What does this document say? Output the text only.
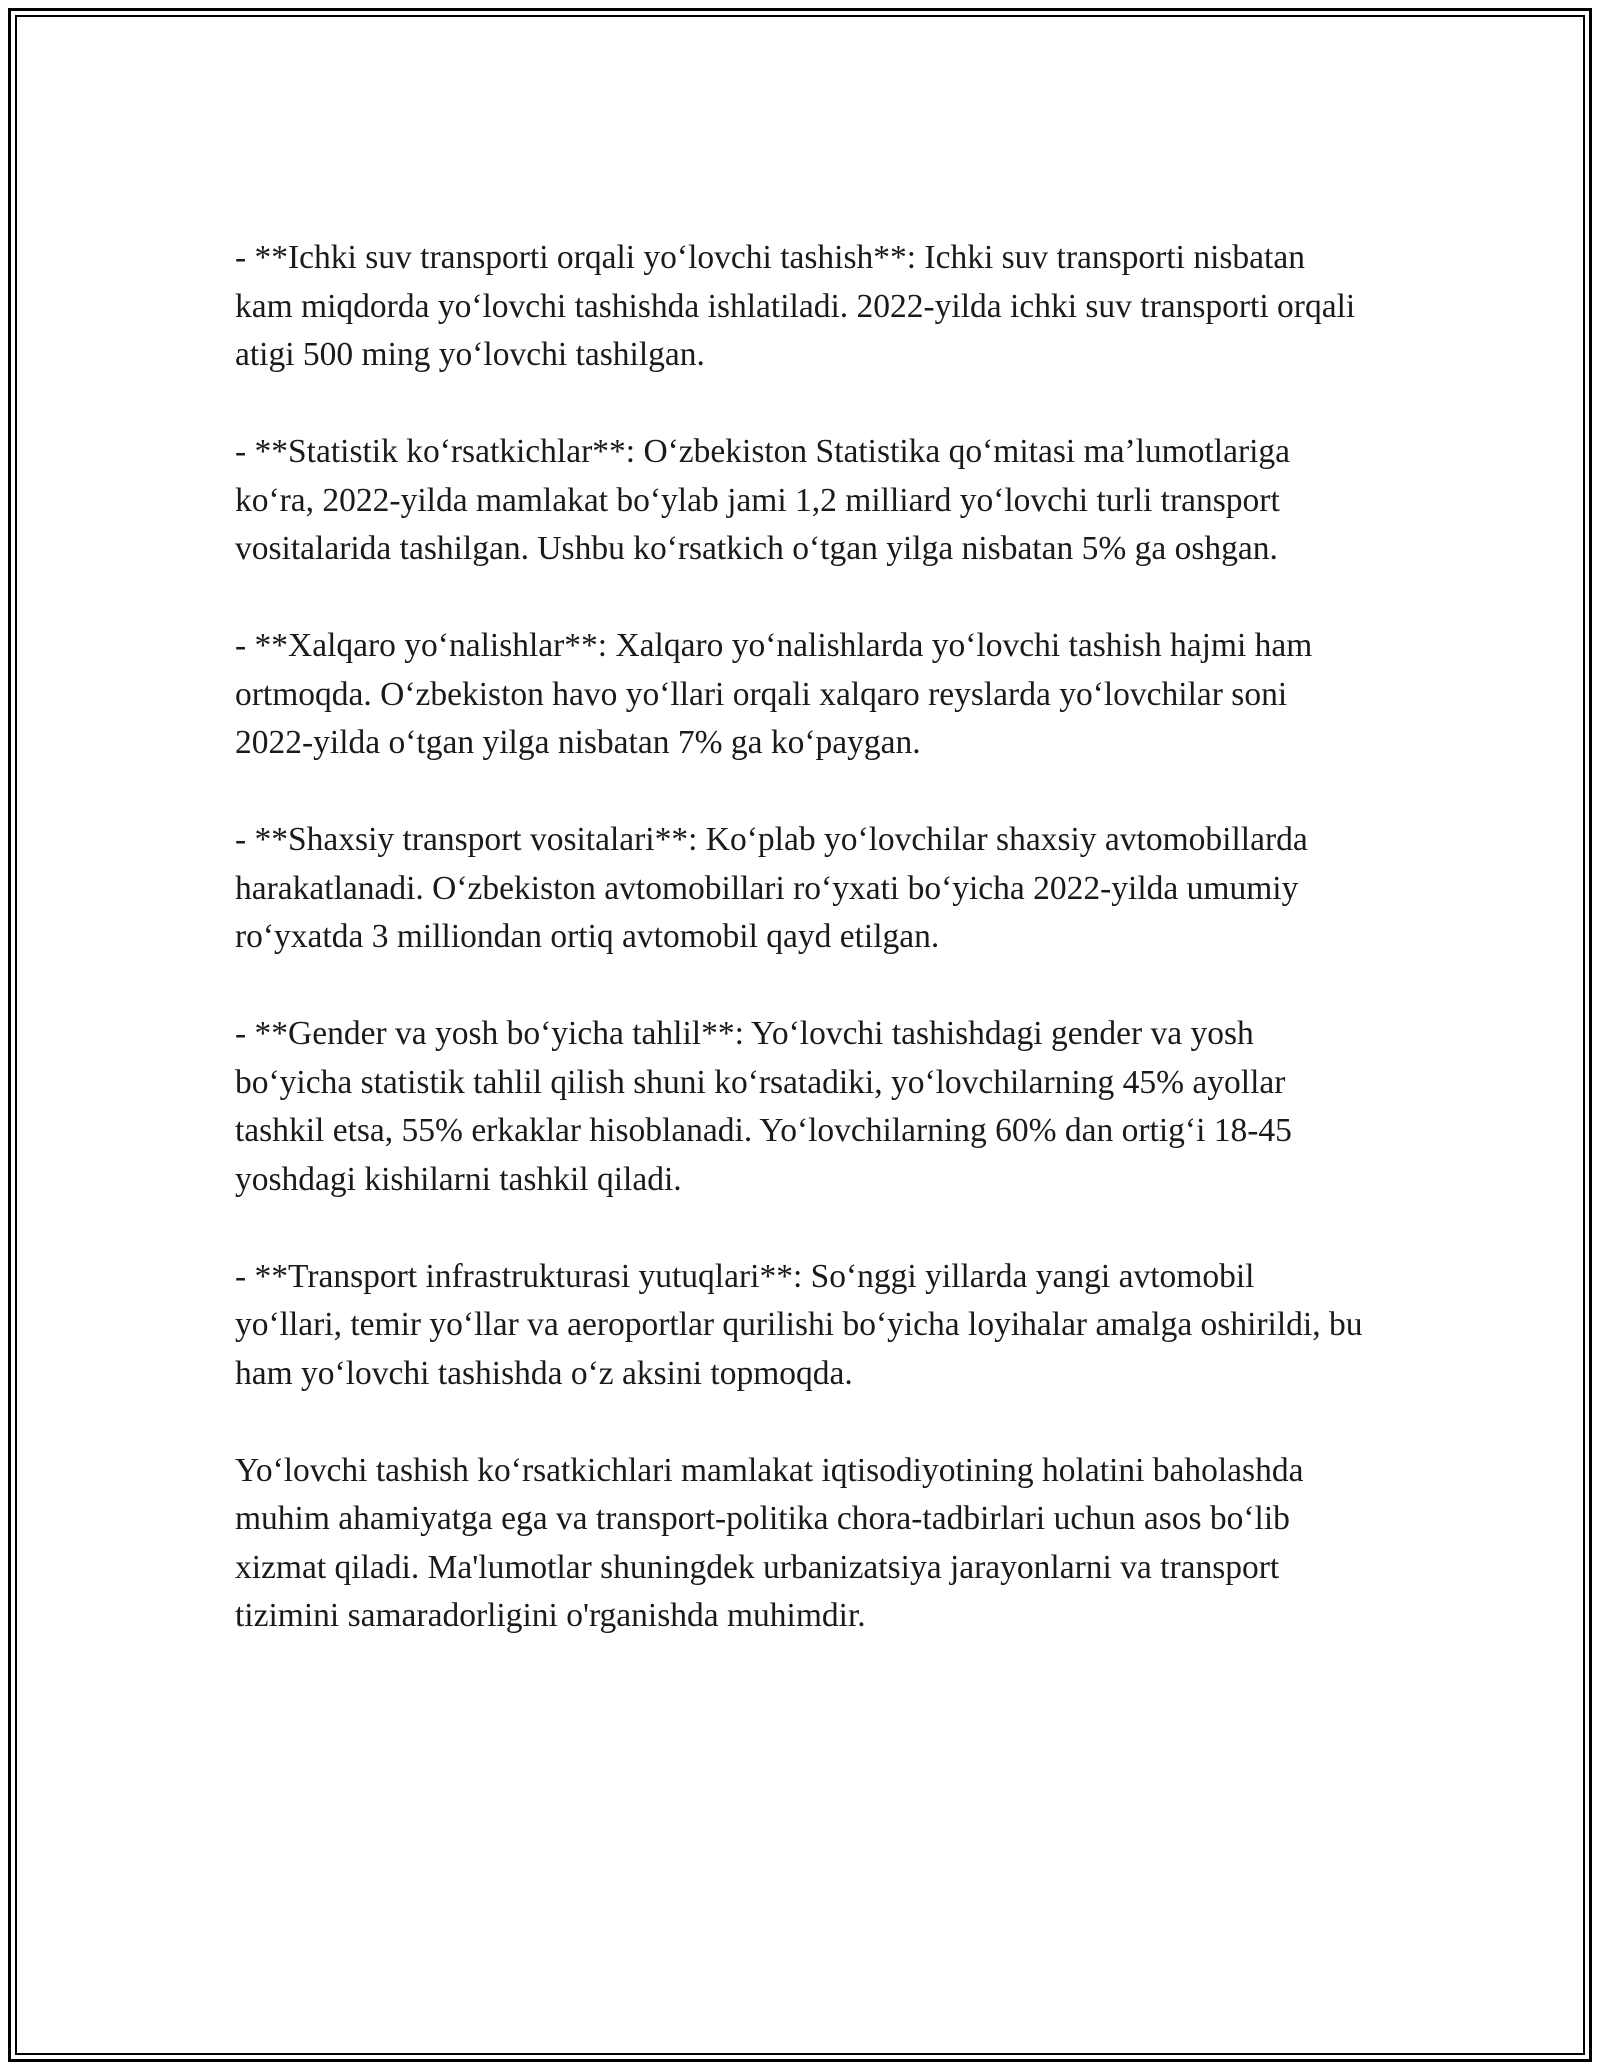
- **Ichki suv transporti orqali yo‘lovchi tashish**: Ichki suv transporti nisbatan kam miqdorda yo‘lovchi tashishda ishlatiladi. 2022-yilda ichki suv transporti orqali atigi 500 ming yo‘lovchi tashilgan.

- **Statistik ko‘rsatkichlar**: O‘zbekiston Statistika qo‘mitasi ma’lumotlariga ko‘ra, 2022-yilda mamlakat bo‘ylab jami 1,2 milliard yo‘lovchi turli transport vositalarida tashilgan. Ushbu ko‘rsatkich o‘tgan yilga nisbatan 5% ga oshgan.

- **Xalqaro yo‘nalishlar**: Xalqaro yo‘nalishlarda yo‘lovchi tashish hajmi ham ortmoqda. O‘zbekiston havo yo‘llari orqali xalqaro reyslarda yo‘lovchilar soni 2022-yilda o‘tgan yilga nisbatan 7% ga ko‘paygan.

- **Shaxsiy transport vositalari**: Ko‘plab yo‘lovchilar shaxsiy avtomobillarda harakatlanadi. O‘zbekiston avtomobillari ro‘yxati bo‘yicha 2022-yilda umumiy ro‘yxatda 3 milliondan ortiq avtomobil qayd etilgan.

- **Gender va yosh bo‘yicha tahlil**: Yo‘lovchi tashishdagi gender va yosh bo‘yicha statistik tahlil qilish shuni ko‘rsatadiki, yo‘lovchilarning 45% ayollar tashkil etsa, 55% erkaklar hisoblanadi. Yo‘lovchilarning 60% dan ortig‘i 18-45 yoshdagi kishilarni tashkil qiladi.

- **Transport infrastrukturasi yutuqlari**: So‘nggi yillarda yangi avtomobil yo‘llari, temir yo‘llar va aeroportlar qurilishi bo‘yicha loyihalar amalga oshirildi, bu ham yo‘lovchi tashishda o‘z aksini topmoqda.

Yo‘lovchi tashish ko‘rsatkichlari mamlakat iqtisodiyotining holatini baholashda muhim ahamiyatga ega va transport-politika chora-tadbirlari uchun asos bo‘lib xizmat qiladi. Ma'lumotlar shuningdek urbanizatsiya jarayonlarni va transport tizimini samaradorligini o'rganishda muhimdir.
